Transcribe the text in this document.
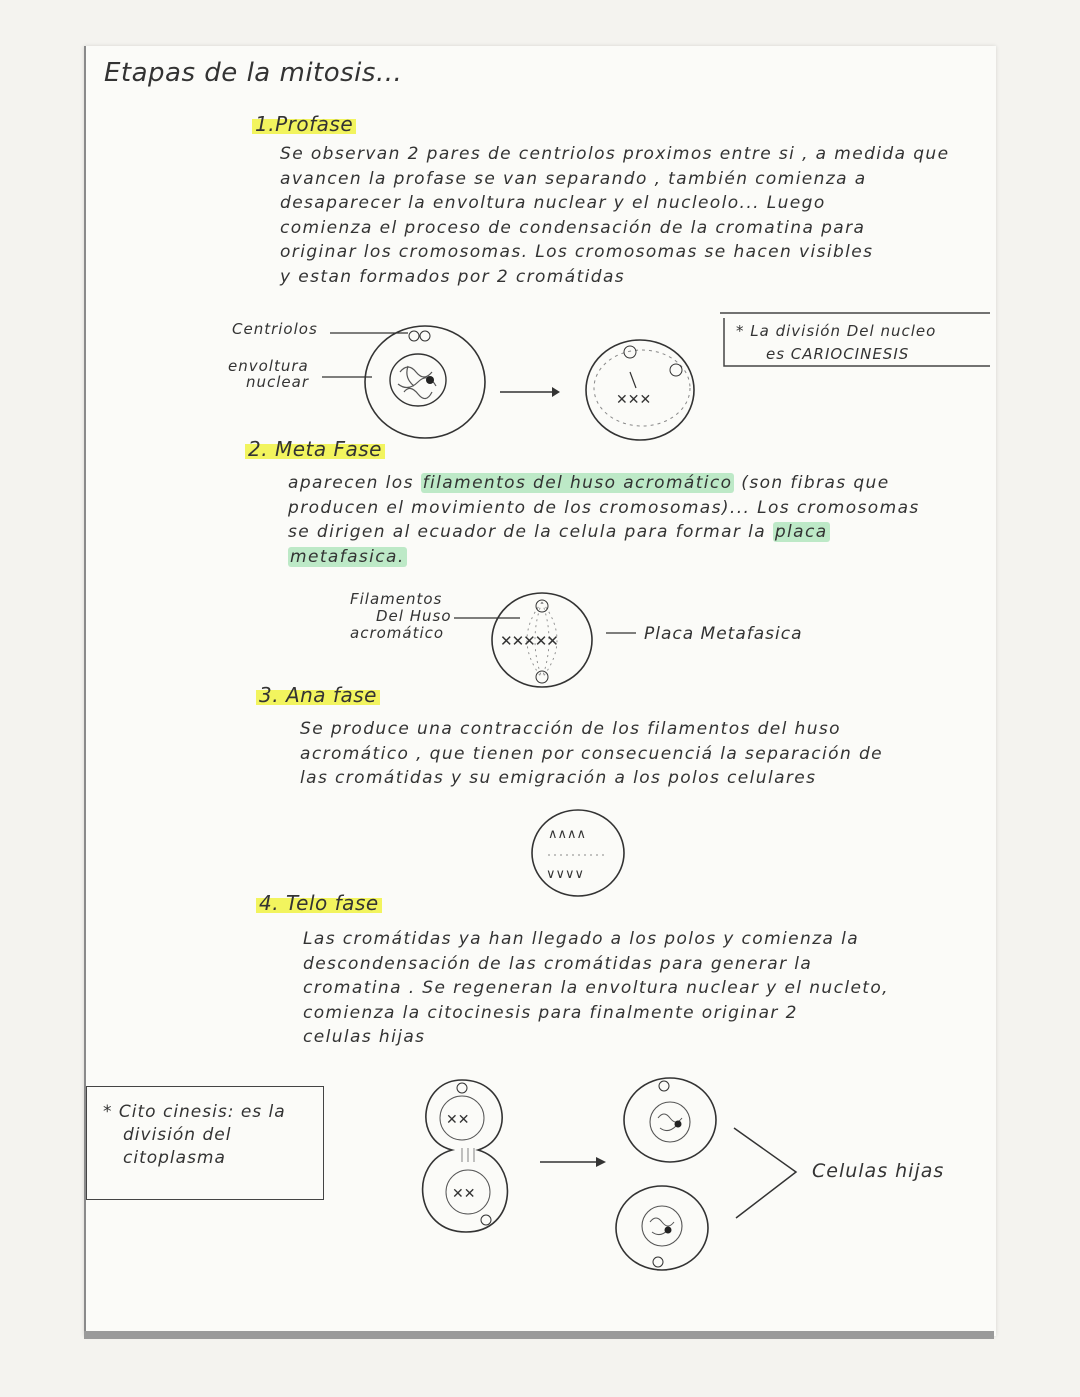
Etapas de la mitosis...
1.Profase
Se observan 2 pares de centriolos proximos entre si , a medida que
avancen la profase se van separando , también comienza a
desaparecer la envoltura nuclear y el nucleolo... Luego
comienza el proceso de condensación de la cromatina para
originar los cromosomas. Los cromosomas se hacen visibles
y estan formados por 2 cromátidas
Centriolos
envoltura
nuclear
✕✕✕
* La división Del nucleo
es CARIOCINESIS
2. Meta Fase
aparecen los filamentos del huso acromático (son fibras que
producen el movimiento de los cromosomas)... Los cromosomas
se dirigen al ecuador de la celula para formar la placa
metafasica.
Filamentos
Del Huso
acromático	✕✕✕✕✕	Placa Metafasica
3. Ana fase
Se produce una contracción de los filamentos del huso
acromático , que tienen por consecuenciá la separación de
las cromátidas y su emigración a los polos celulares
∧∧∧∧
∨∨∨∨
4. Telo fase
Las cromátidas ya han llegado a los polos y comienza la
descondensación de las cromátidas para generar la
cromatina . Se regeneran la envoltura nuclear y el nucleto,
comienza la citocinesis para finalmente originar 2
celulas hijas
* Cito cinesis: es la
división del
citoplasma
✕✕
✕✕
Celulas hijas
